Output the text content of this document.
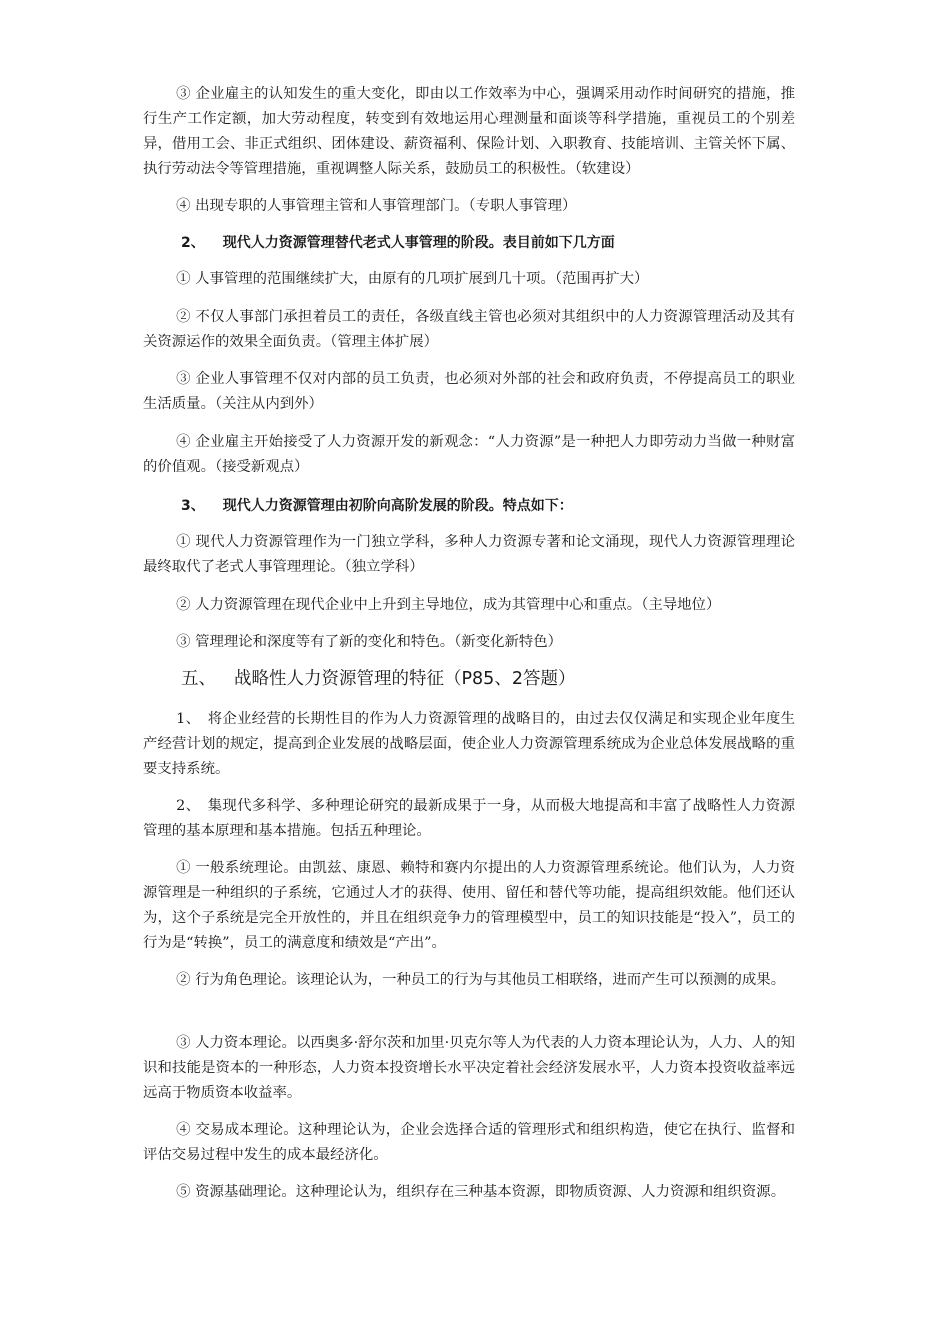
③ 企业雇主的认知发生的重大变化，即由以工作效率为中心，强调采用动作时间研究的措施，推行生产工作定额，加大劳动程度，转变到有效地运用心理测量和面谈等科学措施，重视员工的个别差异，借用工会、非正式组织、团体建设、薪资福利、保险计划、入职教育、技能培训、主管关怀下属、执行劳动法令等管理措施，重视调整人际关系，鼓励员工的积极性。（软建设）

④ 出现专职的人事管理主管和人事管理部门。（专职人事管理）

2、 现代人力资源管理替代老式人事管理的阶段。表目前如下几方面

① 人事管理的范围继续扩大，由原有的几项扩展到几十项。（范围再扩大）

② 不仅人事部门承担着员工的责任，各级直线主管也必须对其组织中的人力资源管理活动及其有关资源运作的效果全面负责。（管理主体扩展）

③ 企业人事管理不仅对内部的员工负责，也必须对外部的社会和政府负责，不停提高员工的职业生活质量。（关注从内到外）

④ 企业雇主开始接受了人力资源开发的新观念：“人力资源”是一种把人力即劳动力当做一种财富的价值观。（接受新观点）

3、 现代人力资源管理由初阶向高阶发展的阶段。特点如下：

① 现代人力资源管理作为一门独立学科，多种人力资源专著和论文涌现，现代人力资源管理理论最终取代了老式人事管理理论。（独立学科）

② 人力资源管理在现代企业中上升到主导地位，成为其管理中心和重点。（主导地位）

③ 管理理论和深度等有了新的变化和特色。（新变化新特色）

五、 战略性人力资源管理的特征（P85、2答题）

1、　将企业经营的长期性目的作为人力资源管理的战略目的，由过去仅仅满足和实现企业年度生产经营计划的规定，提高到企业发展的战略层面，使企业人力资源管理系统成为企业总体发展战略的重要支持系统。

2、　集现代多科学、多种理论研究的最新成果于一身，从而极大地提高和丰富了战略性人力资源管理的基本原理和基本措施。包括五种理论。

① 一般系统理论。由凯兹、康恩、赖特和赛内尔提出的人力资源管理系统论。他们认为，人力资源管理是一种组织的子系统，它通过人才的获得、使用、留任和替代等功能，提高组织效能。他们还认为，这个子系统是完全开放性的，并且在组织竞争力的管理模型中，员工的知识技能是“投入”，员工的行为是“转换”，员工的满意度和绩效是“产出”。

② 行为角色理论。该理论认为，一种员工的行为与其他员工相联络，进而产生可以预测的成果。

③ 人力资本理论。以西奥多·舒尔茨和加里·贝克尔等人为代表的人力资本理论认为，人力、人的知识和技能是资本的一种形态，人力资本投资增长水平决定着社会经济发展水平，人力资本投资收益率远远高于物质资本收益率。

④ 交易成本理论。这种理论认为，企业会选择合适的管理形式和组织构造，使它在执行、监督和评估交易过程中发生的成本最经济化。

⑤ 资源基础理论。这种理论认为，组织存在三种基本资源，即物质资源、人力资源和组织资源。
